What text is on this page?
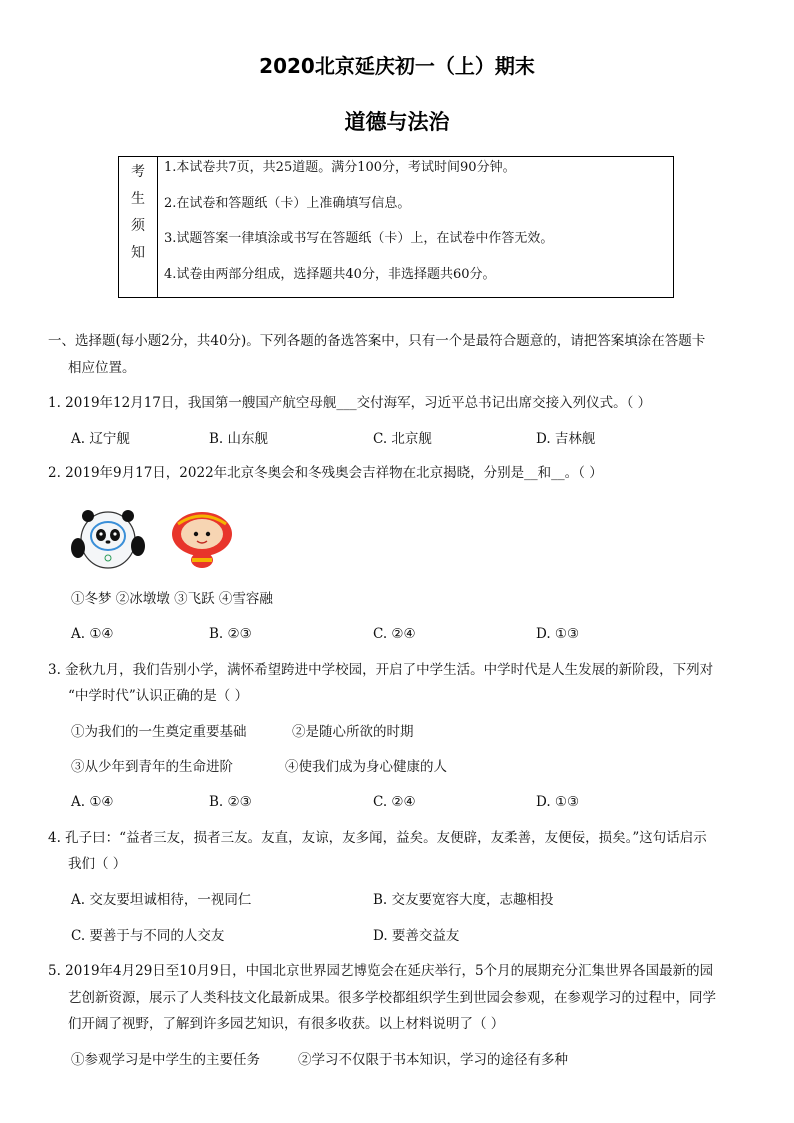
2020北京延庆初一（上）期末
道德与法治
考
生
须
知
1.本试卷共7页，共25道题。满分100分，考试时间90分钟。
2.在试卷和答题纸（卡）上准确填写信息。
3.试题答案一律填涂或书写在答题纸（卡）上，在试卷中作答无效。
4.试卷由两部分组成，选择题共40分，非选择题共60分。
一、选择题(每小题2分，共40分)。下列各题的备选答案中，只有一个是最符合题意的，请把答案填涂在答题卡
相应位置。
1. 2019年12月17日，我国第一艘国产航空母舰___交付海军，习近平总书记出席交接入列仪式。（ ）
A. 辽宁舰	B. 山东舰	C. 北京舰	D. 吉林舰
2. 2019年9月17日，2022年北京冬奥会和冬残奥会吉祥物在北京揭晓，分别是__和__。（ ）
①冬梦 ②冰墩墩 ③飞跃 ④雪容融
A. ①④	B. ②③	C. ②④	D. ①③
3. 金秋九月，我们告别小学，满怀希望跨进中学校园，开启了中学生活。中学时代是人生发展的新阶段，下列对
“中学时代”认识正确的是（ ）
①为我们的一生奠定重要基础	②是随心所欲的时期
③从少年到青年的生命进阶	④使我们成为身心健康的人
A. ①④	B. ②③	C. ②④	D. ①③
4. 孔子曰：“益者三友，损者三友。友直，友谅，友多闻，益矣。友便辟，友柔善，友便佞，损矣。”这句话启示
我们（ ）
A. 交友要坦诚相待，一视同仁	B. 交友要宽容大度，志趣相投
C. 要善于与不同的人交友	D. 要善交益友
5. 2019年4月29日至10月9日，中国北京世界园艺博览会在延庆举行，5个月的展期充分汇集世界各国最新的园
艺创新资源，展示了人类科技文化最新成果。很多学校都组织学生到世园会参观，在参观学习的过程中，同学
们开阔了视野，了解到许多园艺知识，有很多收获。以上材料说明了（ ）
①参观学习是中学生的主要任务	②学习不仅限于书本知识，学习的途径有多种
